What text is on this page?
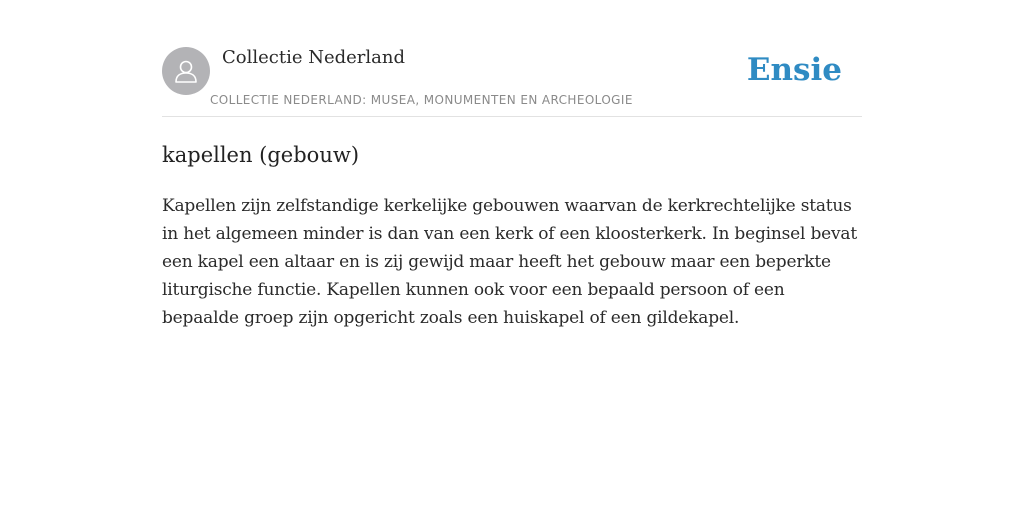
Collectie Nederland
COLLECTIE NEDERLAND: MUSEA, MONUMENTEN EN ARCHEOLOGIE
Ensie
kapellen (gebouw)

Kapellen zijn zelfstandige kerkelijke gebouwen waarvan de kerkrechtelijke status in het algemeen minder is dan van een kerk of een kloosterkerk. In beginsel bevat een kapel een altaar en is zij gewijd maar heeft het gebouw maar een beperkte liturgische functie. Kapellen kunnen ook voor een bepaald persoon of een bepaalde groep zijn opgericht zoals een huiskapel of een gildekapel.
